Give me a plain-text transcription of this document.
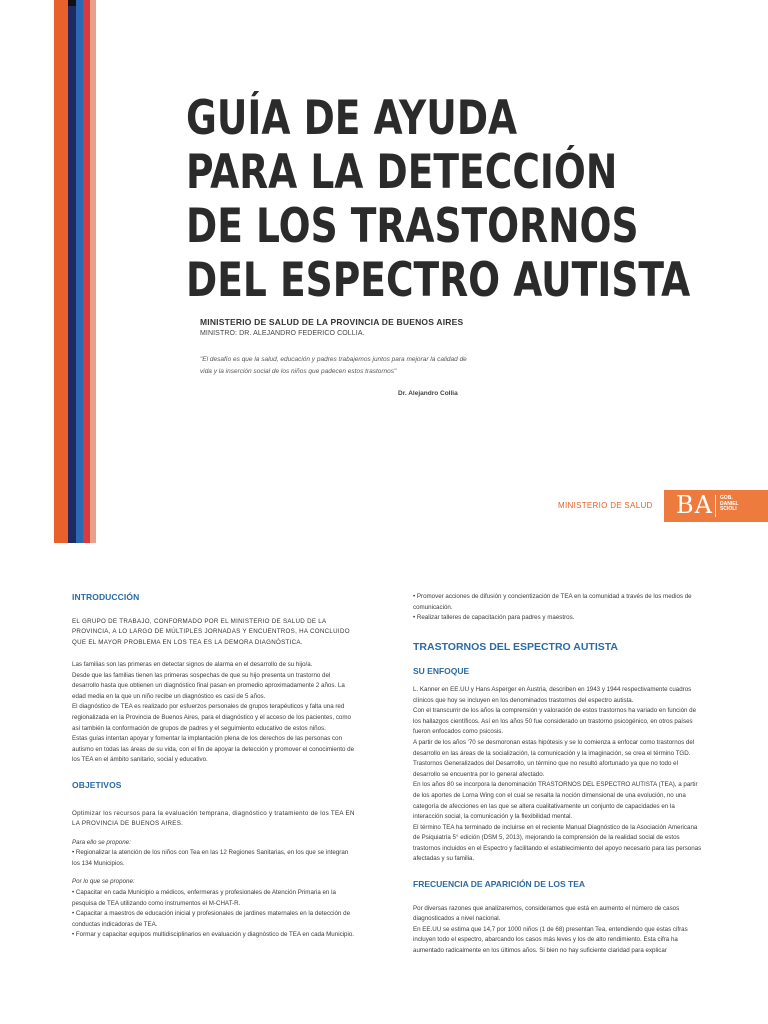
GUÍA DE AYUDA
PARA LA DETECCIÓN
DE LOS TRASTORNOS
DEL ESPECTRO AUTISTA
MINISTERIO DE SALUD DE LA PROVINCIA DE BUENOS AIRES
MINISTRO: DR. ALEJANDRO FEDERICO COLLIA.
"El desafío es que la salud, educación y padres trabajemos juntos para mejorar la calidad de vida y la inserción social de los niños que padecen estos trastornos"
Dr. Alejandro Collia
MINISTERIO DE SALUD BA GOB.
DANIEL
SCIOLI
INTRODUCCIÓN

EL GRUPO DE TRABAJO, CONFORMADO POR EL MINISTERIO DE SALUD DE LA PROVINCIA, A LO LARGO DE MÚLTIPLES JORNADAS Y ENCUENTROS, HA CONCLUIDO QUE EL MAYOR PROBLEMA EN LOS TEA ES LA DEMORA DIAGNÓSTICA.

Las familias son las primeras en detectar signos de alarma en el desarrollo de su hijo/a.

Desde que las familias tienen las primeras sospechas de que su hijo presenta un trastorno del desarrollo hasta que obtienen un diagnóstico final pasan en promedio aproximadamente 2 años. La edad media en la que un niño recibe un diagnóstico es casi de 5 años.

El diagnóstico de TEA es realizado por esfuerzos personales de grupos terapéuticos y falta una red regionalizada en la Provincia de Buenos Aires, para el diagnóstico y el acceso de los pacientes, como así también la conformación de grupos de padres y el seguimiento educativo de estos niños.

Estas guías intentan apoyar y fomentar la implantación plena de los derechos de las personas con autismo en todas las áreas de su vida, con el fin de apoyar la detección y promover el conocimiento de los TEA en el ámbito sanitario, social y educativo.

OBJETIVOS

Optimizar los recursos para la evaluación temprana, diagnóstico y tratamiento de los TEA EN LA PROVINCIA DE BUENOS AIRES.

Para ello se propone:

• Regionalizar la atención de los niños con Tea en las 12 Regiones Sanitarias, en los que se integran los 134 Municipios.

Por lo que se propone:

• Capacitar en cada Municipio a médicos, enfermeras y profesionales de Atención Primaria en la pesquisa de TEA utilizando como instrumentos el M-CHAT-R.

• Capacitar a maestros de educación inicial y profesionales de jardines maternales en la detección de conductas indicadoras de TEA.

• Formar y capacitar equipos multidisciplinarios en evaluación y diagnóstico de TEA en cada Municipio.

• Promover acciones de difusión y concientización de TEA en la comunidad a través de los medios de comunicación.

• Realizar talleres de capacitación para padres y maestros.

TRASTORNOS DEL ESPECTRO AUTISTA
SU ENFOQUE

L. Kanner en EE.UU y Hans Asperger en Austria, describen en 1943 y 1944 respectivamente cuadros clínicos que hoy se incluyen en los denominados trastornos del espectro autista.

Con el transcurrir de los años la comprensión y valoración de estos trastornos ha variado en función de los hallazgos científicos. Así en los años 50 fue considerado un trastorno psicogénico, en otros países fueron enfocados como psicosis.

A partir de los años '70 se desmoronan estas hipótesis y se lo comienza a enfocar como trastornos del desarrollo en las áreas de la socialización, la comunicación y la imaginación, se crea el término TGD. Trastornos Generalizados del Desarrollo, un término que no resultó afortunado ya que no todo el desarrollo se encuentra por lo general afectado.

En los años 80 se incorpora la denominación TRASTORNOS DEL ESPECTRO AUTISTA (TEA), a partir de los aportes de Lorna Wing con el cual se resalta la noción dimensional de una evolución, no una categoría de afecciones en las que se altera cualitativamente un conjunto de capacidades en la interacción social, la comunicación y la flexibilidad mental.

El término TEA ha terminado de incluirse en el reciente Manual Diagnóstico de la Asociación Americana de Psiquiatría 5° edición (DSM 5, 2013), mejorando la comprensión de la realidad social de estos trastornos incluidos en el Espectro y facilitando el establecimiento del apoyo necesario para las personas afectadas y su familia.

FRECUENCIA DE APARICIÓN DE LOS TEA

Por diversas razones que analizaremos, consideramos que está en aumento el número de casos diagnosticados a nivel nacional.

En EE.UU se estima que 14,7 por 1000 niños (1 de 68) presentan Tea, entendiendo que estas cifras incluyen todo el espectro, abarcando los casos más leves y los de alto rendimiento. Esta cifra ha aumentado radicalmente en los últimos años. Si bien no hay suficiente claridad para explicar
